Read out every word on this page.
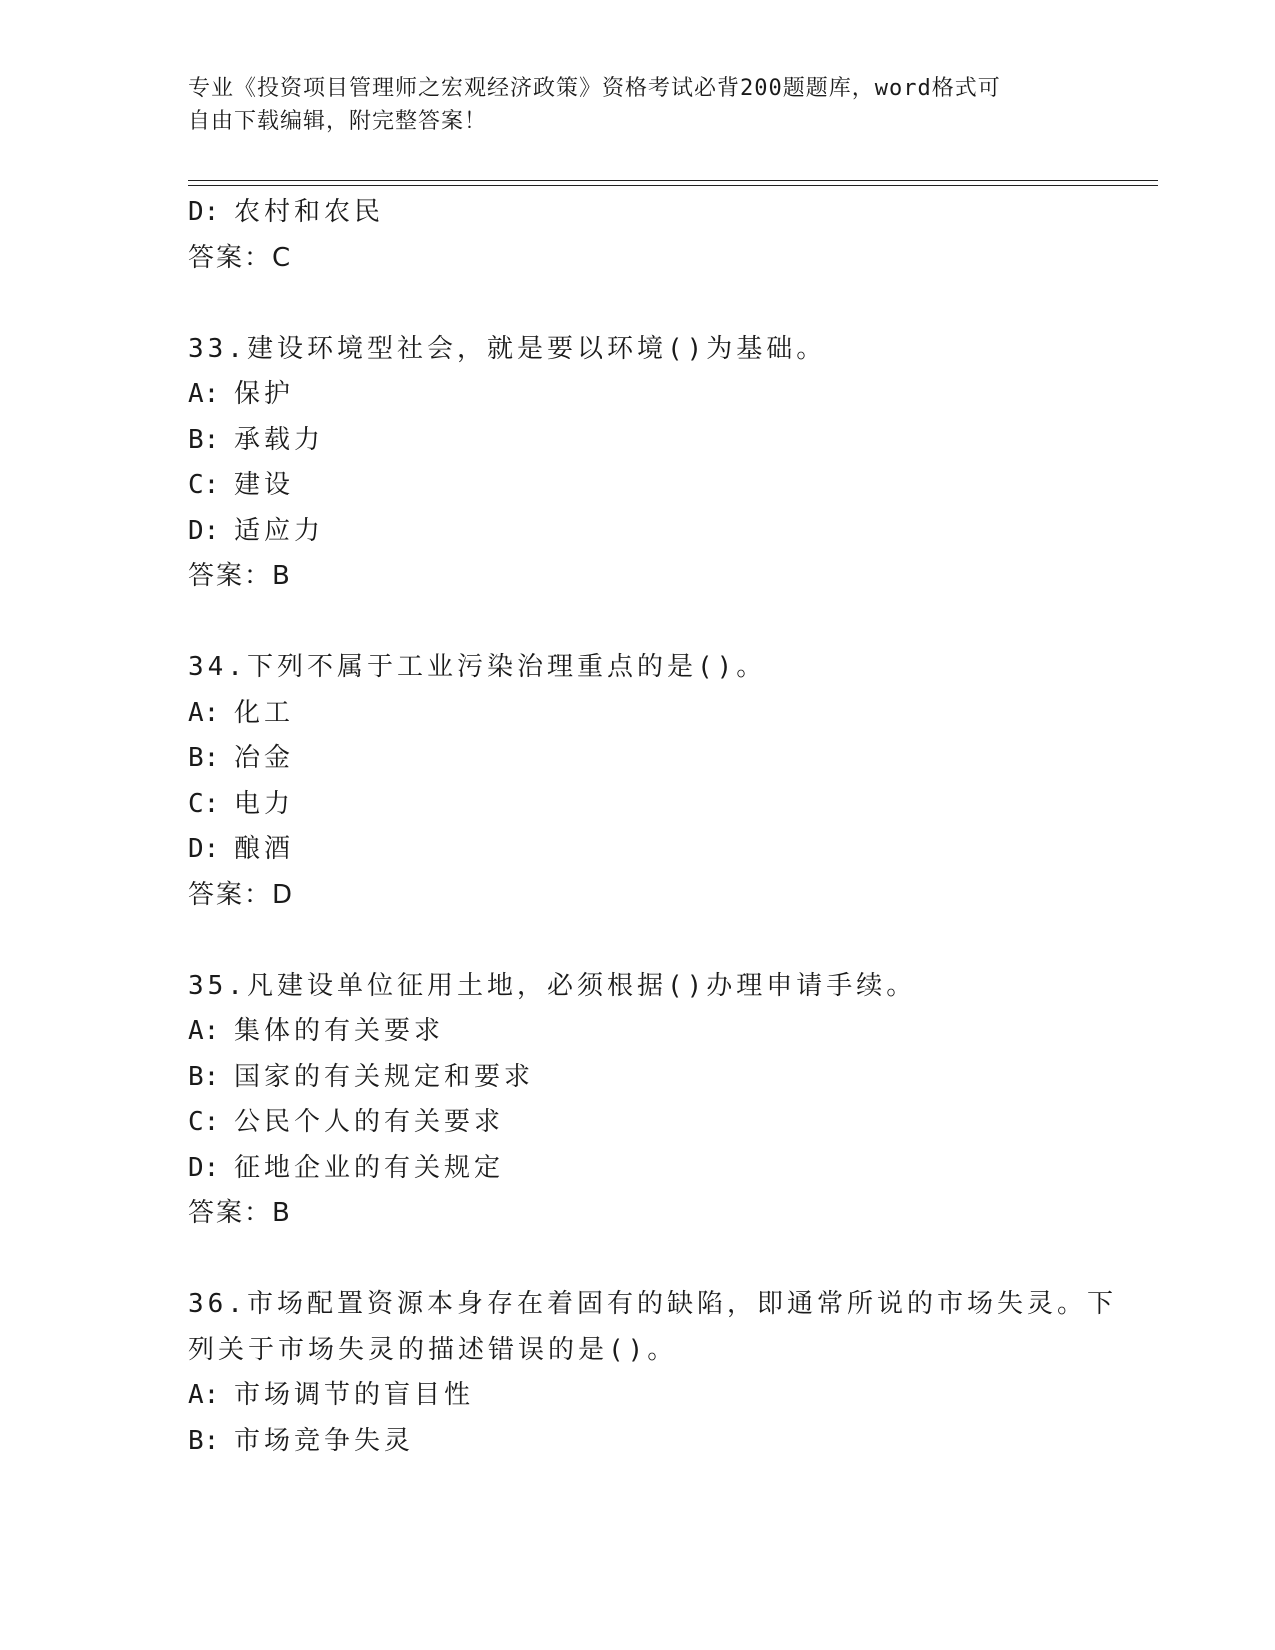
专业《投资项目管理师之宏观经济政策》资格考试必背200题题库，word格式可
自由下载编辑，附完整答案！
D: 农村和农民
答案：C
33.建设环境型社会，就是要以环境()为基础。
A: 保护
B: 承载力
C: 建设
D: 适应力
答案：B
34.下列不属于工业污染治理重点的是()。
A: 化工
B: 冶金
C: 电力
D: 酿酒
答案：D
35.凡建设单位征用土地，必须根据()办理申请手续。
A: 集体的有关要求
B: 国家的有关规定和要求
C: 公民个人的有关要求
D: 征地企业的有关规定
答案：B
36.市场配置资源本身存在着固有的缺陷，即通常所说的市场失灵。下
列关于市场失灵的描述错误的是()。
A: 市场调节的盲目性
B: 市场竞争失灵
